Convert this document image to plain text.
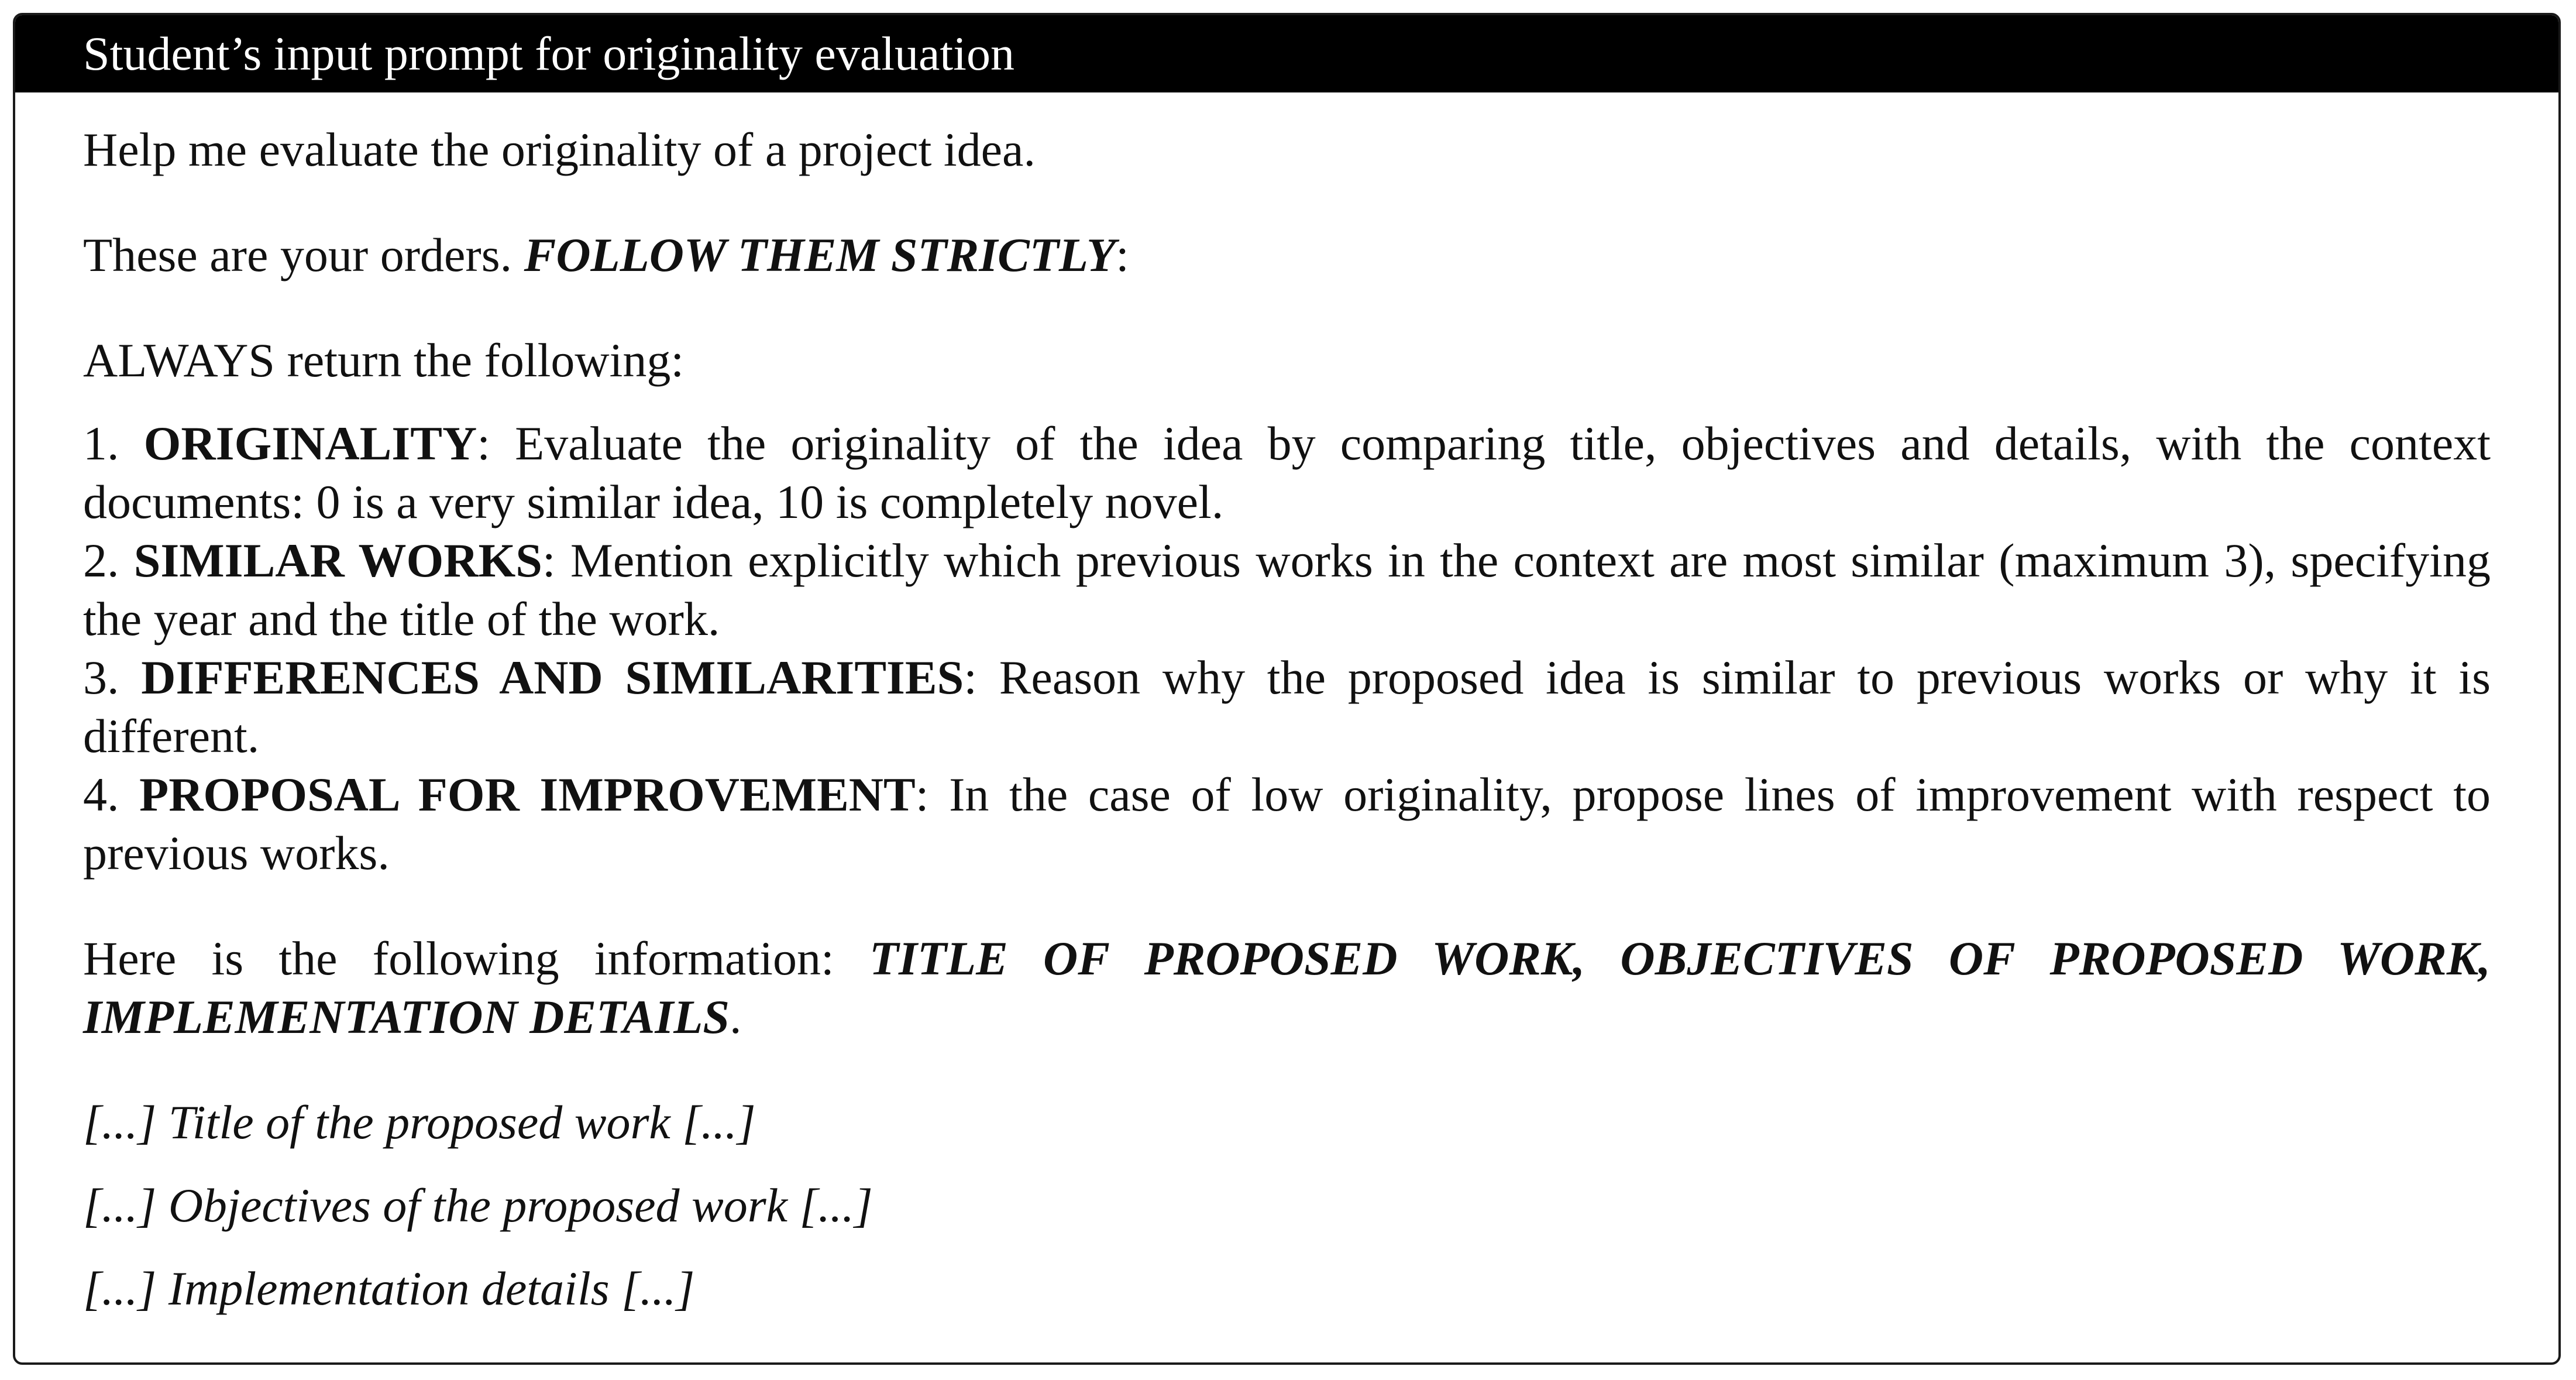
Student’s input prompt for originality evaluation

Help me evaluate the originality of a project idea.

These are your orders. FOLLOW THEM STRICTLY:

ALWAYS return the following:

1. ORIGINALITY: Evaluate the originality of the idea by comparing title, objectives and details, with the context documents: 0 is a very similar idea, 10 is completely novel.

2. SIMILAR WORKS: Mention explicitly which previous works in the context are most similar (maximum 3), specifying the year and the title of the work.

3. DIFFERENCES AND SIMILARITIES: Reason why the proposed idea is similar to previous works or why it is different.

4. PROPOSAL FOR IMPROVEMENT: In the case of low originality, propose lines of improvement with respect to previous works.

Here is the following information: TITLE OF PROPOSED WORK, OBJECTIVES OF PROPOSED WORK, IMPLEMENTATION DETAILS.

[...] Title of the proposed work [...]

[...] Objectives of the proposed work [...]

[...] Implementation details [...]
